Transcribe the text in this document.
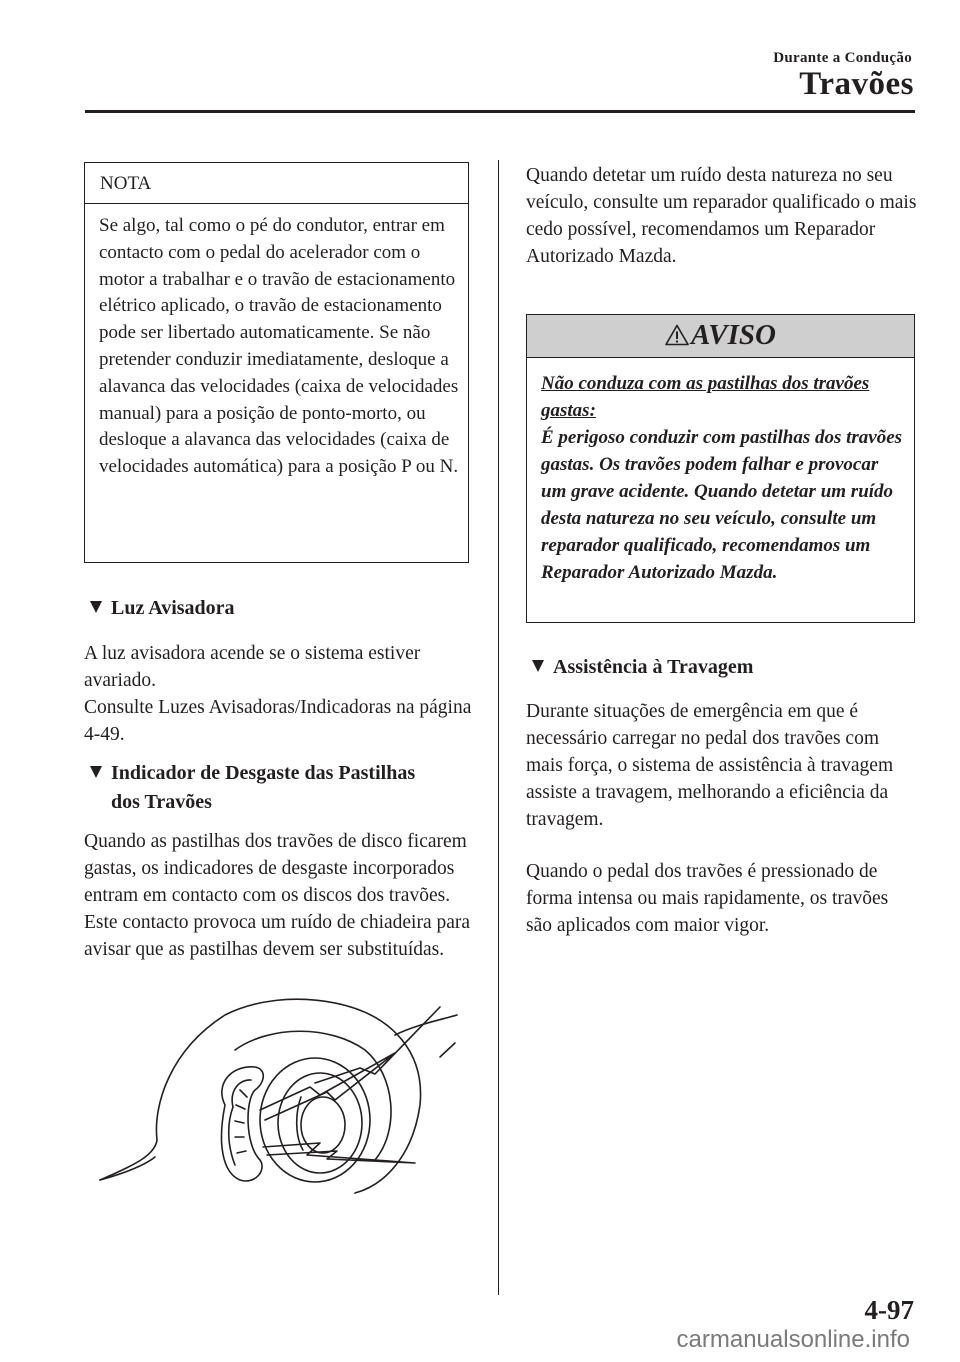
Durante a Condução
Travões
NOTA
Se algo, tal como o pé do condutor, entrar em contacto com o pedal do acelerador com o motor a trabalhar e o travão de estacionamento elétrico aplicado, o travão de estacionamento pode ser libertado automaticamente. Se não pretender conduzir imediatamente, desloque a alavanca das velocidades (caixa de velocidades manual) para a posição de ponto-morto, ou desloque a alavanca das velocidades (caixa de velocidades automática) para a posição P ou N.
Luz Avisadora
A luz avisadora acende se o sistema estiver avariado.
Consulte Luzes Avisadoras/Indicadoras na página 4-49.
Indicador de Desgaste das Pastilhas
dos Travões
Quando as pastilhas dos travões de disco ficarem gastas, os indicadores de desgaste incorporados entram em contacto com os discos dos travões. Este contacto provoca um ruído de chiadeira para avisar que as pastilhas devem ser substituídas.
Quando detetar um ruído desta natureza no seu veículo, consulte um reparador qualificado o mais cedo possível, recomendamos um Reparador Autorizado Mazda.
AVISO
Não conduza com as pastilhas dos travões gastas:
É perigoso conduzir com pastilhas dos travões gastas. Os travões podem falhar e provocar um grave acidente. Quando detetar um ruído desta natureza no seu veículo, consulte um reparador qualificado, recomendamos um Reparador Autorizado Mazda.
Assistência à Travagem
Durante situações de emergência em que é necessário carregar no pedal dos travões com mais força, o sistema de assistência à travagem assiste a travagem, melhorando a eficiência da travagem.
Quando o pedal dos travões é pressionado de forma intensa ou mais rapidamente, os travões são aplicados com maior vigor.
4-97
carmanualsonline.info
